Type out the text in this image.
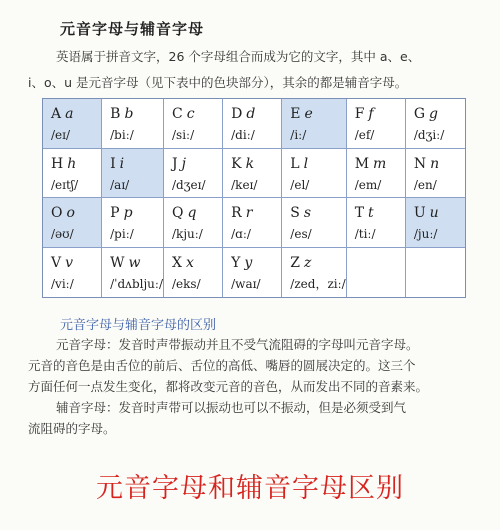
元音字母与辅音字母

英语属于拼音文字，26 个字母组合而成为它的文字，其中 a、e、

i、o、u 是元音字母（见下表中的色块部分），其余的都是辅音字母。

A a
/eɪ/
B b
/biː/
C c
/siː/
D d
/diː/
E e
/iː/
F f
/ef/
G g
/dʒiː/
H h
/eɪtʃ/
I i
/aɪ/
J j
/dʒeɪ/
K k
/keɪ/
L l
/el/
M m
/em/
N n
/en/
O o
/əʊ/
P p
/piː/
Q q
/kjuː/
R r
/ɑː/
S s
/es/
T t
/tiː/
U u
/juː/
V v
/viː/
W w
/ˈdʌbljuː/
X x
/eks/
Y y
/waɪ/
Z z
/zed，ziː/
元音字母与辅音字母的区别

元音字母：发音时声带振动并且不受气流阻碍的字母叫元音字母。

元音的音色是由舌位的前后、舌位的高低、嘴唇的圆展决定的。这三个

方面任何一点发生变化，都将改变元音的音色，从而发出不同的音素来。

辅音字母：发音时声带可以振动也可以不振动，但是必须受到气

流阻碍的字母。

元音字母和辅音字母区别
